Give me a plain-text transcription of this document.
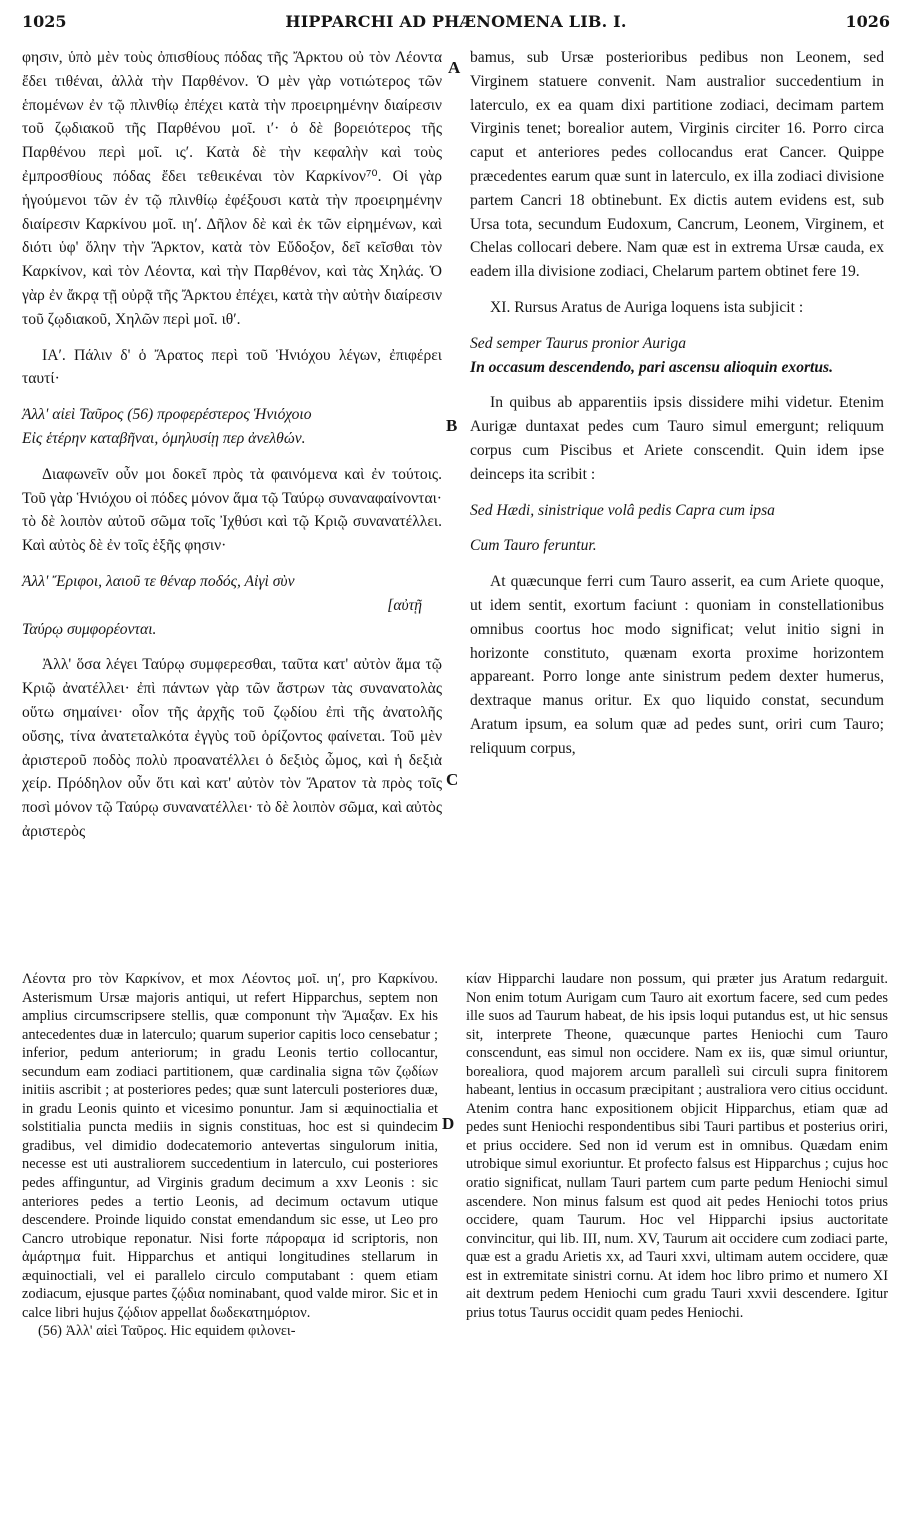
1025	HIPPARCHI AD PHÆNOMENA LIB. I.	1026

φησιν, ὑπὸ μὲν τοὺς ὀπισθίους πόδας τῆς Ἄρκτου οὐ τὸν Λέοντα ἔδει τιθέναι, ἀλλὰ τὴν Παρθένον. Ὁ μὲν γὰρ νοτιώτερος τῶν ἑπομένων ἐν τῷ πλινθίῳ ἐπέχει κατὰ τὴν προειρημένην διαίρεσιν τοῦ ζῳδιακοῦ τῆς Παρθένου μοῖ. ι′· ὁ δὲ βορειότερος τῆς Παρθένου περὶ μοῖ. ις′. Κατὰ δὲ τὴν κεφαλὴν καὶ τοὺς ἐμπροσθίους πόδας ἔδει τεθεικέναι τὸν Καρκίνον⁷⁰. Οἱ γὰρ ἡγούμενοι τῶν ἐν τῷ πλινθίῳ ἐφέξουσι κατὰ τὴν προειρημένην διαίρεσιν Καρκίνου μοῖ. ιη′. Δῆλον δὲ καὶ ἐκ τῶν εἰρημένων, καὶ διότι ὑφ' ὅλην τὴν Ἄρκτον, κατὰ τὸν Εὔδοξον, δεῖ κεῖσθαι τὸν Καρκίνον, καὶ τὸν Λέοντα, καὶ τὴν Παρθένον, καὶ τὰς Χηλάς. Ὁ γὰρ ἐν ἄκρᾳ τῇ οὐρᾷ τῆς Ἄρκτου ἐπέχει, κατὰ τὴν αὐτὴν διαίρεσιν τοῦ ζῳδιακοῦ, Χηλῶν περὶ μοῖ. ιθ′.

ΙΑ′. Πάλιν δ' ὁ Ἄρατος περὶ τοῦ Ἡνιόχου λέγων, ἐπιφέρει ταυτί·

Ἀλλ' αἰεὶ Ταῦρος (56) προφερέστερος Ἡνιόχοιο

Εἰς ἑτέρην καταβῆναι, ὁμηλυσίῃ περ ἀνελθών.

Διαφωνεῖν οὖν μοι δοκεῖ πρὸς τὰ φαινόμενα καὶ ἐν τούτοις. Τοῦ γὰρ Ἡνιόχου οἱ πόδες μόνον ἅμα τῷ Ταύρῳ συναναφαίνονται· τὸ δὲ λοιπὸν αὐτοῦ σῶμα τοῖς Ἰχθύσι καὶ τῷ Κριῷ συνανατέλλει. Καὶ αὐτὸς δὲ ἐν τοῖς ἑξῆς φησιν·

Ἀλλ' Ἔριφοι, λαιοῦ τε θέναρ ποδός, Αἰγὶ σὺν

[αὐτῇ

Ταύρῳ συμφορέονται.

Ἀλλ' ὅσα λέγει Ταύρῳ συμφερεσθαι, ταῦτα κατ' αὐτὸν ἅμα τῷ Κριῷ ἀνατέλλει· ἐπὶ πάντων γὰρ τῶν ἄστρων τὰς συνανατολὰς οὕτω σημαίνει· οἷον τῆς ἀρχῆς τοῦ ζῳδίου ἐπὶ τῆς ἀνατολῆς οὔσης, τίνα ἀνατεταλκότα ἐγγὺς τοῦ ὁρίζοντος φαίνεται. Τοῦ μὲν ἀριστεροῦ ποδὸς πολὺ προανατέλλει ὁ δεξιὸς ὦμος, καὶ ἡ δεξιὰ χείρ. Πρόδηλον οὖν ὅτι καὶ κατ' αὐτὸν τὸν Ἄρατον τὰ πρὸς τοῖς ποσὶ μόνον τῷ Ταύρῳ συνανατέλλει· τὸ δὲ λοιπὸν σῶμα, καὶ αὐτὸς ἀριστερὸς

A
B
C
D

bamus, sub Ursæ posterioribus pedibus non Leonem, sed Virginem statuere convenit. Nam australior succedentium in laterculo, ex ea quam dixi partitione zodiaci, decimam partem Virginis tenet; borealior autem, Virginis circiter 16. Porro circa caput et anteriores pedes collocandus erat Cancer. Quippe præcedentes earum quæ sunt in laterculo, ex illa zodiaci divisione partem Cancri 18 obtinebunt. Ex dictis autem evidens est, sub Ursa tota, secundum Eudoxum, Cancrum, Leonem, Virginem, et Chelas collocari debere. Nam quæ est in extrema Ursæ cauda, ex eadem illa divisione zodiaci, Chelarum partem obtinet fere 19.

XI. Rursus Aratus de Auriga loquens ista subjicit :

Sed semper Taurus pronior Auriga

In occasum descendendo, pari ascensu alioquin exortus.

In quibus ab apparentiis ipsis dissidere mihi videtur. Etenim Aurigæ duntaxat pedes cum Tauro simul emergunt; reliquum corpus cum Piscibus et Ariete conscendit. Quin idem ipse deinceps ita scribit :

Sed Hædi, sinistrique volâ pedis Capra cum ipsa

Cum Tauro feruntur.

At quæcunque ferri cum Tauro asserit, ea cum Ariete quoque, ut idem sentit, exortum faciunt : quoniam in constellationibus omnibus coortus hoc modo significat; velut initio signi in horizonte constituto, quænam exorta proxime horizontem appareant. Porro longe ante sinistrum pedem dexter humerus, dextraque manus oritur. Ex quo liquido constat, secundum Aratum ipsum, ea solum quæ ad pedes sunt, oriri cum Tauro; reliquum corpus,

Λέοντα pro τὸν Καρκίνον, et mox Λέοντος μοῖ. ιη′, pro Καρκίνου. Asterismum Ursæ majoris antiqui, ut refert Hipparchus, septem non amplius circumscripsere stellis, quæ componunt τὴν Ἅμαξαν. Ex his antecedentes duæ in laterculo; quarum superior capitis loco censebatur ; inferior, pedum anteriorum; in gradu Leonis tertio collocantur, secundum eam zodiaci partitionem, quæ cardinalia signa τῶν ζῳδίων initiis ascribit ; at posteriores pedes; quæ sunt laterculi posteriores duæ, in gradu Leonis quinto et vicesimo ponuntur. Jam si æquinoctialia et solstitialia puncta mediis in signis constituas, hoc est si quindecim gradibus, vel dimidio dodecatemorio antevertas singulorum initia, necesse est uti australiorem succedentium in laterculo, cui posteriores pedes affinguntur, ad Virginis gradum decimum a xxv Leonis : sic anteriores pedes a tertio Leonis, ad decimum octavum utique descendere. Proinde liquido constat emendandum sic esse, ut Leo pro Cancro utrobique reponatur. Nisi forte πάροραμα id scriptoris, non ἁμάρτημα fuit. Hipparchus et antiqui longitudines stellarum in æquinoctiali, vel ei parallelo circulo computabant : quem etiam zodiacum, ejusque partes ζῴδια nominabant, quod valde miror. Sic et in calce libri hujus ζῴδιον appellat δωδεκατημόριον.

(56) Ἀλλ' αἰεὶ Ταῦρος. Hic equidem φιλονει-

κίαν Hipparchi laudare non possum, qui præter jus Aratum redarguit. Non enim totum Aurigam cum Tauro ait exortum facere, sed cum pedes ille suos ad Taurum habeat, de his ipsis loqui putandus est, ut hic sensus sit, interprete Theone, quæcunque partes Heniochi cum Tauro conscendunt, eas simul non occidere. Nam ex iis, quæ simul oriuntur, borealiora, quod majorem arcum parallelì sui circuli supra finitorem habeant, lentius in occasum præcipitant ; australiora vero citius occidunt. Atenim contra hanc expositionem objicit Hipparchus, etiam quæ ad pedes sunt Heniochi respondentibus sibi Tauri partibus et posterius oriri, et prius occidere. Sed non id verum est in omnibus. Quædam enim utrobique simul exoriuntur. Et profecto falsus est Hipparchus ; cujus hoc oratio significat, nullam Tauri partem cum parte pedum Heniochi simul ascendere. Non minus falsum est quod ait pedes Heniochi totos prius occidere, quam Taurum. Hoc vel Hipparchi ipsius auctoritate convincitur, qui lib. III, num. XV, Taurum ait occidere cum zodiaci parte, quæ est a gradu Arietis xx, ad Tauri xxvi, ultimam autem occidere, quæ est in extremitate sinistri cornu. At idem hoc libro primo et numero XI ait dextrum pedem Heniochi cum gradu Tauri xxvii descendere. Igitur prius totus Taurus occidit quam pedes Heniochi.
